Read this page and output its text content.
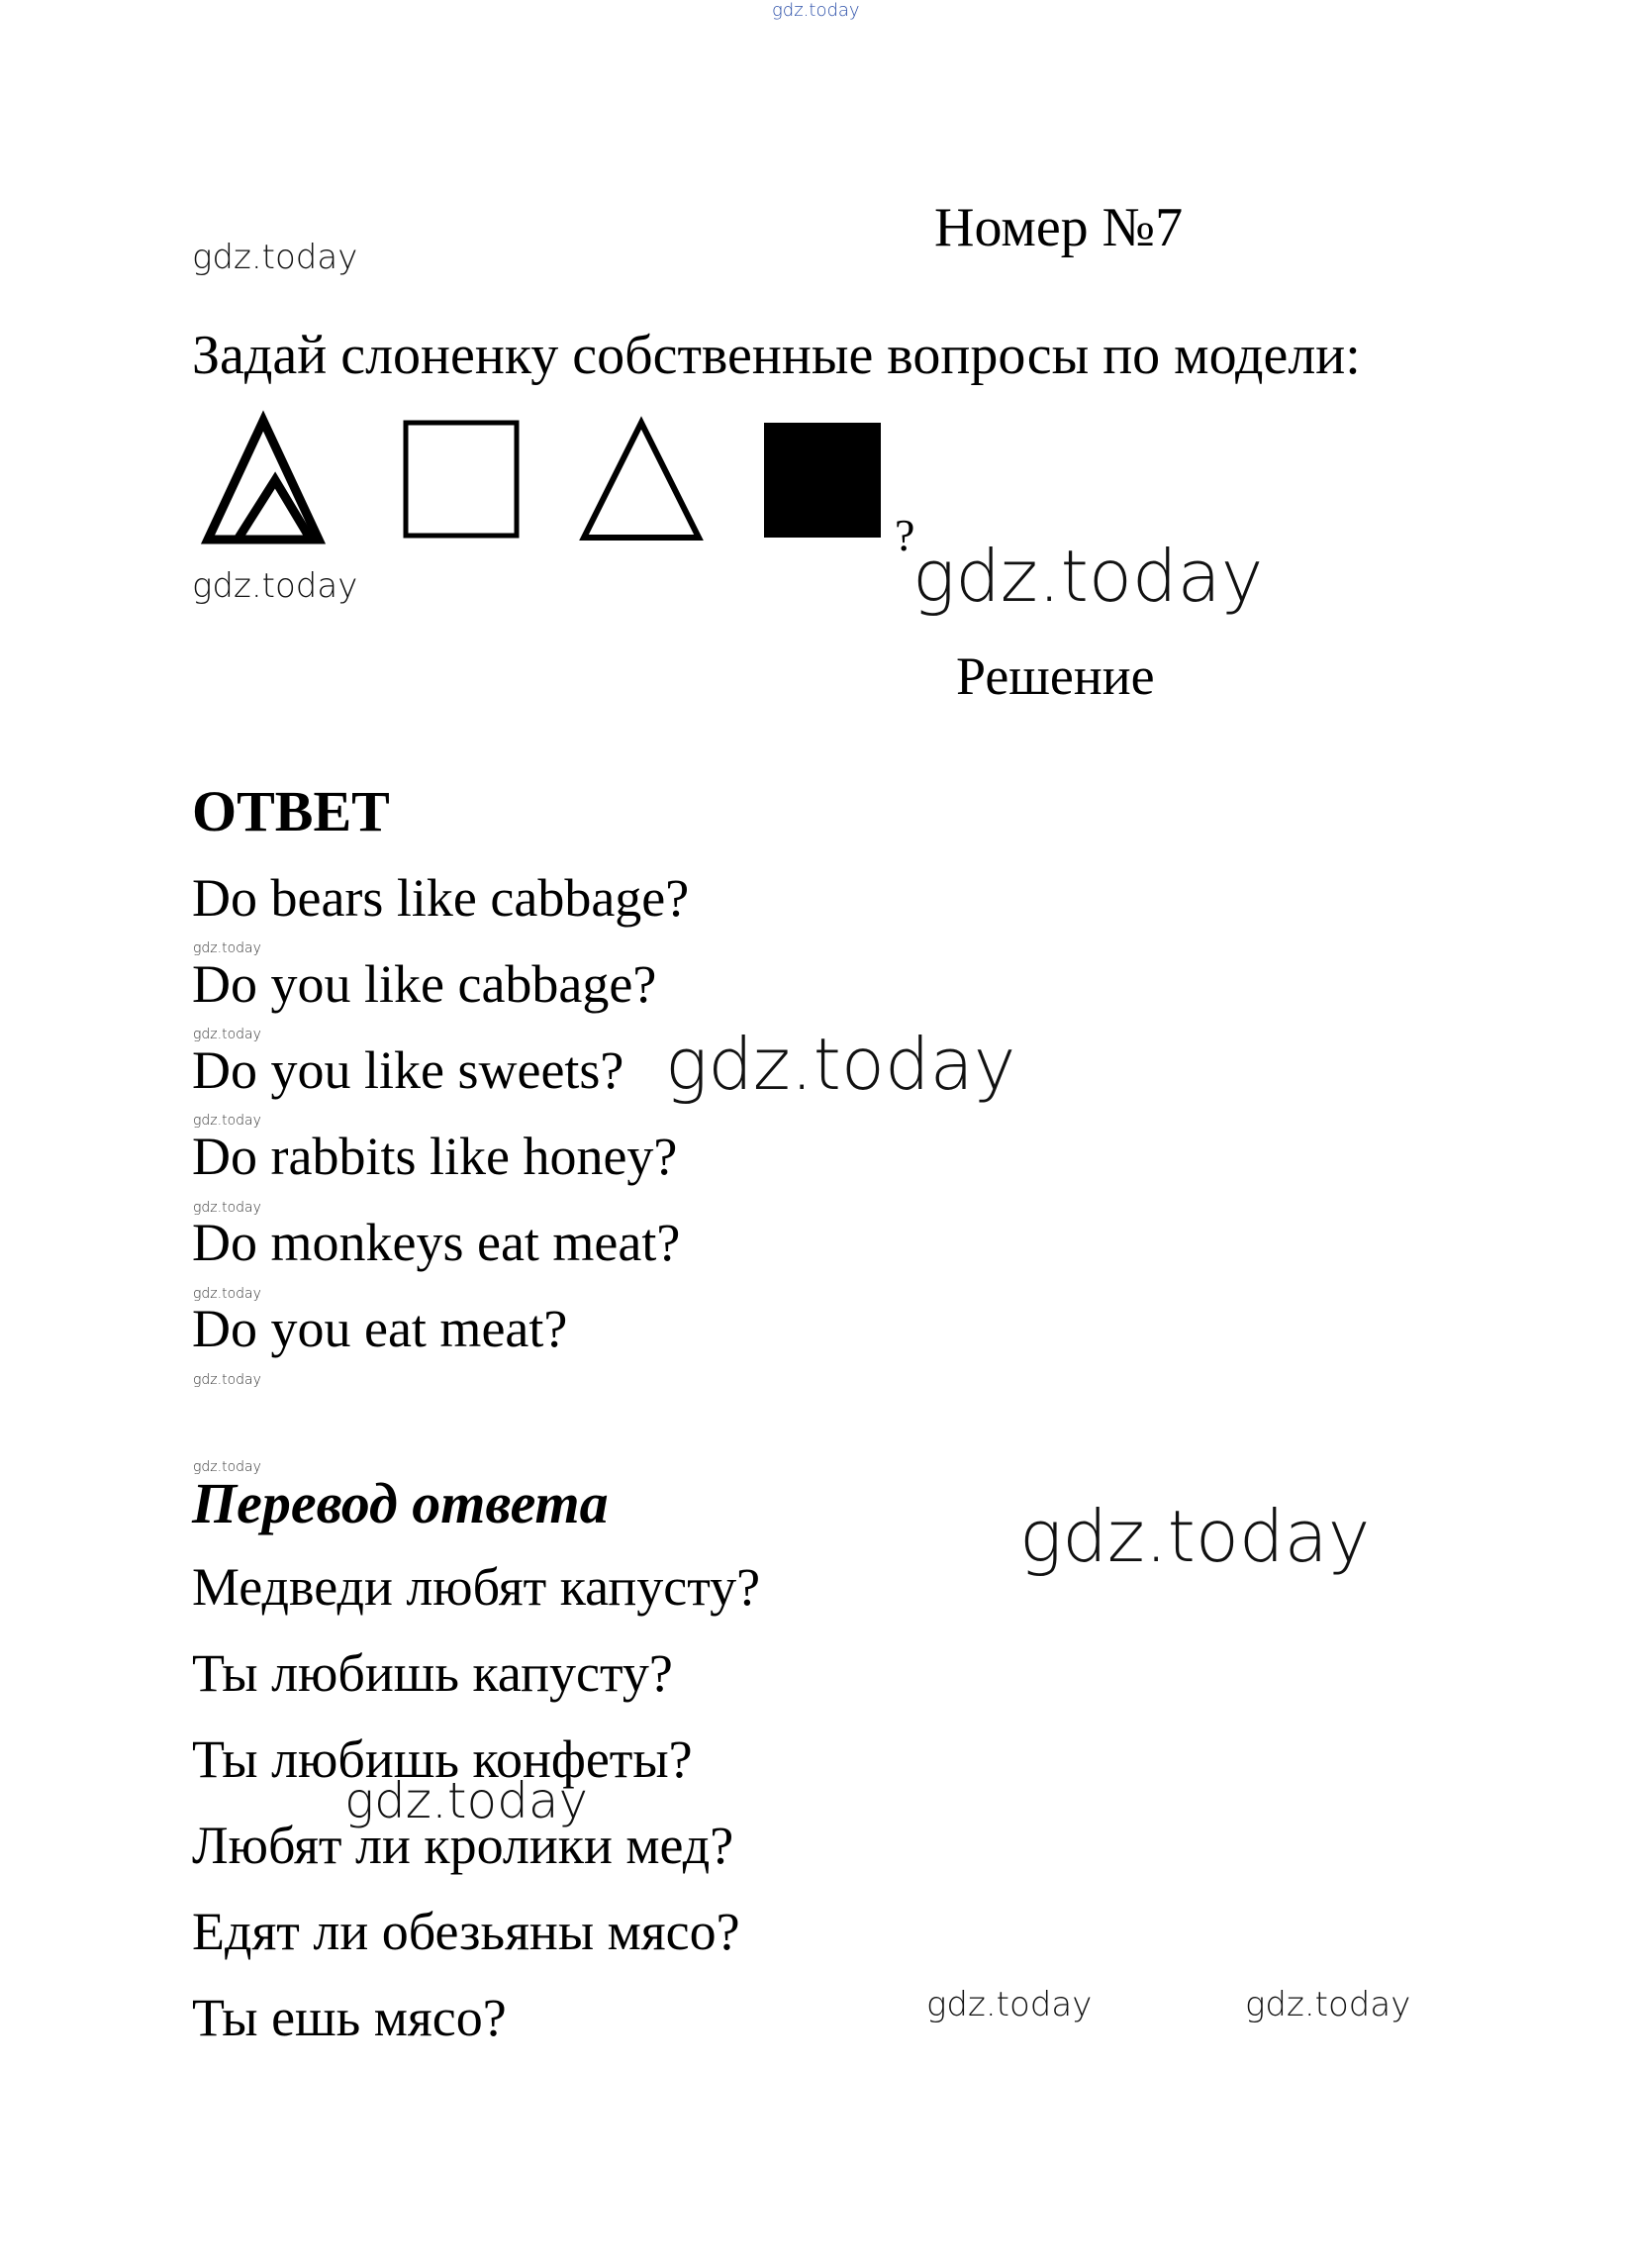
gdz.today
gdz.today
gdz.today	gdz.today
gdz.today
gdz.today
gdz.today
gdz.today	gdz.today
gdz.today
gdz.today
gdz.today
gdz.today
gdz.today
gdz.today
gdz.today
Номер №7
Задай слоненку собственные вопросы по модели:
?
Решение
ОТВЕТ
Do bears like cabbage?
Do you like cabbage?
Do you like sweets?
Do rabbits like honey?
Do monkeys eat meat?
Do you eat meat?
Перевод ответа
Медведи любят капусту?
Ты любишь капусту?
Ты любишь конфеты?
Любят ли кролики мед?
Едят ли обезьяны мясо?
Ты ешь мясо?
